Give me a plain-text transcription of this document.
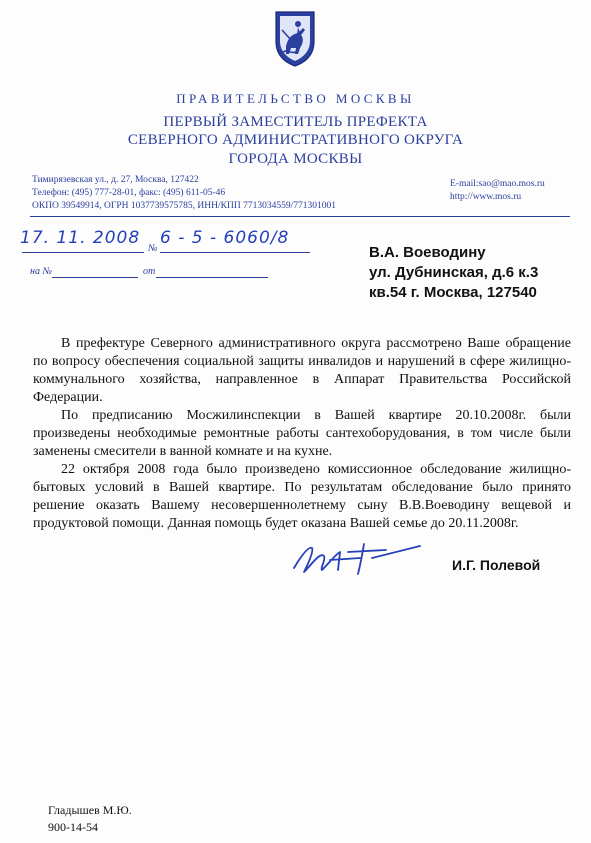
ПРАВИТЕЛЬСТВО МОСКВЫ
ПЕРВЫЙ ЗАМЕСТИТЕЛЬ ПРЕФЕКТА
СЕВЕРНОГО АДМИНИСТРАТИВНОГО ОКРУГА
ГОРОДА МОСКВЫ
Тимирязевская ул., д. 27, Москва, 127422
Телефон: (495) 777-28-01, факс: (495) 611-05-46
ОКПО 39549914, ОГРН 1037739575785, ИНН/КПП 7713034559/771301001
E-mail:sao@mao.mos.ru
http://www.mos.ru
17. 11. 2008
№
6 - 5 - 6060/8
на №	от
В.А. Воеводину
ул. Дубнинская, д.6 к.3
кв.54 г. Москва, 127540

В префектуре Северного административного округа рассмотрено Ваше обращение по вопросу обеспечения социальной защиты инвалидов и нарушений в сфере жилищно-коммунального хозяйства, направленное в Аппарат Правительства Российской Федерации.

По предписанию Мосжилинспекции в Вашей квартире 20.10.2008г. были произведены необходимые ремонтные работы сантехоборудования, в том числе были заменены смесители в ванной комнате и на кухне.

22 октября 2008 года было произведено комиссионное обследование жилищно-бытовых условий в Вашей квартире. По результатам обследование было принято решение оказать Вашему несовершеннолетнему сыну В.В.Воеводину вещевой и продуктовой помощи. Данная помощь будет оказана Вашей семье до 20.11.2008г.

И.Г. Полевой
Гладышев М.Ю.
900-14-54
